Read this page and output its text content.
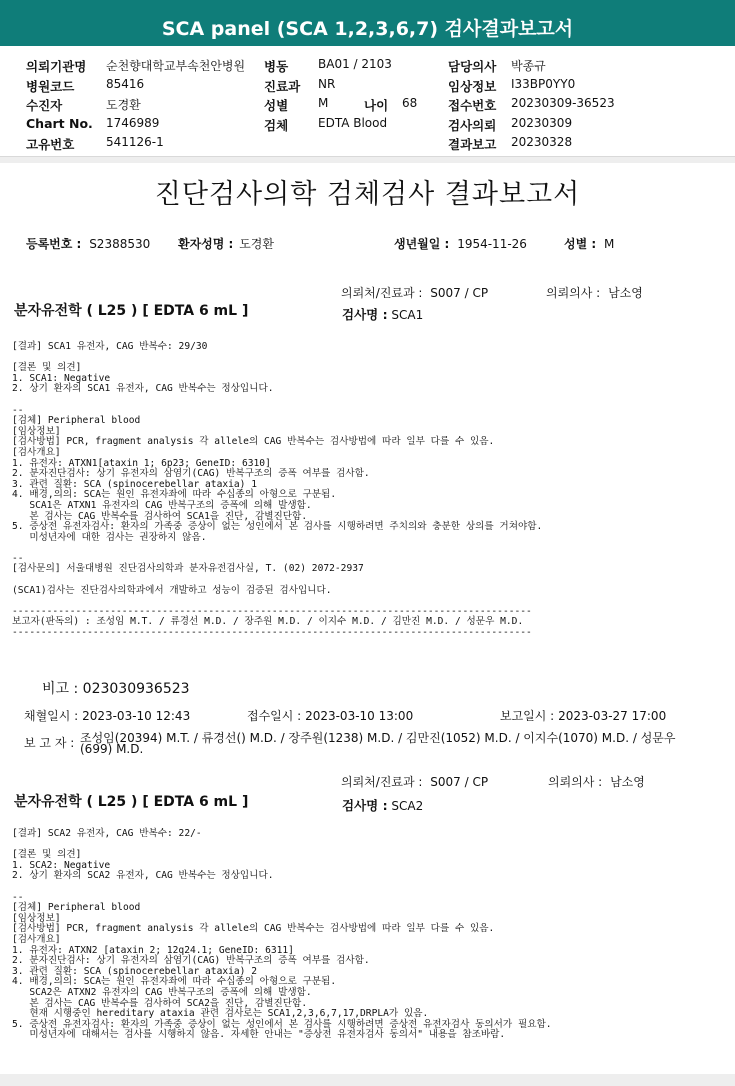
SCA panel (SCA 1,2,3,6,7) 검사결과보고서
의뢰기관명 순천향대학교부속천안병원 병동 BA01 / 2103	담당의사 박종규
병원코드	85416	진료과 NR	임상정보 I33BP0YY0
수진자	도경환	성별 M	나이 68 접수번호 20230309-36523
Chart No. 1746989	검체 EDTA Blood	검사의뢰 20230309
고유번호	541126-1	결과보고 20230328
진단검사의학 검체검사 결과보고서
등록번호 : S2388530 환자성명 : 도경환	생년월일 : 1954-11-26	성별 : M
의뢰처/진료과 : S007 / CP	의뢰의사 : 남소영
분자유전학 ( L25 ) [ EDTA 6 mL ]	검사명 : SCA1
[결과] SCA1 유전자, CAG 반복수: 29/30

[결론 및 의견]
1. SCA1: Negative
2. 상기 환자의 SCA1 유전자, CAG 반복수는 정상입니다.

--
[검체] Peripheral blood
[임상정보]
[검사방법] PCR, fragment analysis 각 allele의 CAG 반복수는 검사방법에 따라 일부 다를 수 있음.
[검사개요]
1. 유전자: ATXN1[ataxin 1; 6p23; GeneID: 6310]
2. 분자진단검사: 상기 유전자의 삼염기(CAG) 반복구조의 증폭 여부를 검사함.
3. 관련 질환: SCA (spinocerebellar ataxia) 1
4. 배경,의의: SCA는 원인 유전자좌에 따라 수십종의 아형으로 구분됨.
SCA1은 ATXN1 유전자의 CAG 반복구조의 증폭에 의해 발생함.
본 검사는 CAG 반복수를 검사하여 SCA1을 진단, 감별진단함.
5. 증상전 유전자검사: 환자의 가족중 증상이 없는 성인에서 본 검사를 시행하려면 주치의와 충분한 상의를 거쳐야함.
미성년자에 대한 검사는 권장하지 않음.

--
[검사문의] 서울대병원 진단검사의학과 분자유전검사실, T. (02) 2072-2937

(SCA1)검사는 진단검사의학과에서 개발하고 성능이 검증된 검사입니다.

------------------------------------------------------------------------------------------
보고자(판독의) : 조성임 M.T. / 류경선 M.D. / 장주원 M.D. / 이지수 M.D. / 김만진 M.D. / 성문우 M.D.
------------------------------------------------------------------------------------------
비고 : 023030936523
채혈일시 : 2023-03-10 12:43	접수일시 : 2023-03-10 13:00	보고일시 : 2023-03-27 17:00
보 고 자 : 조성임(20394) M.T. / 류경선() M.D. / 장주원(1238) M.D. / 김만진(1052) M.D. / 이지수(1070) M.D. / 성문우
(699) M.D.
의뢰처/진료과 : S007 / CP	의뢰의사 : 남소영
분자유전학 ( L25 ) [ EDTA 6 mL ]	검사명 : SCA2
[결과] SCA2 유전자, CAG 반복수: 22/-

[결론 및 의견]
1. SCA2: Negative
2. 상기 환자의 SCA2 유전자, CAG 반복수는 정상입니다.

--
[검체] Peripheral blood
[임상정보]
[검사방법] PCR, fragment analysis 각 allele의 CAG 반복수는 검사방법에 따라 일부 다를 수 있음.
[검사개요]
1. 유전자: ATXN2 [ataxin 2; 12q24.1; GeneID: 6311]
2. 분자진단검사: 상기 유전자의 삼염기(CAG) 반복구조의 증폭 여부를 검사함.
3. 관련 질환: SCA (spinocerebellar ataxia) 2
4. 배경,의의: SCA는 원인 유전자좌에 따라 수십종의 아형으로 구분됨.
SCA2은 ATXN2 유전자의 CAG 반복구조의 증폭에 의해 발생함.
본 검사는 CAG 반복수를 검사하여 SCA2을 진단, 감별진단함.
현재 시행중인 hereditary ataxia 관련 검사로는 SCA1,2,3,6,7,17,DRPLA가 있음.
5. 증상전 유전자검사: 환자의 가족중 증상이 없는 성인에서 본 검사를 시행하려면 증상전 유전자검사 동의서가 필요함.
미성년자에 대해서는 검사를 시행하지 않음. 자세한 안내는 "증상전 유전자검사 동의서" 내용을 참조바람.
